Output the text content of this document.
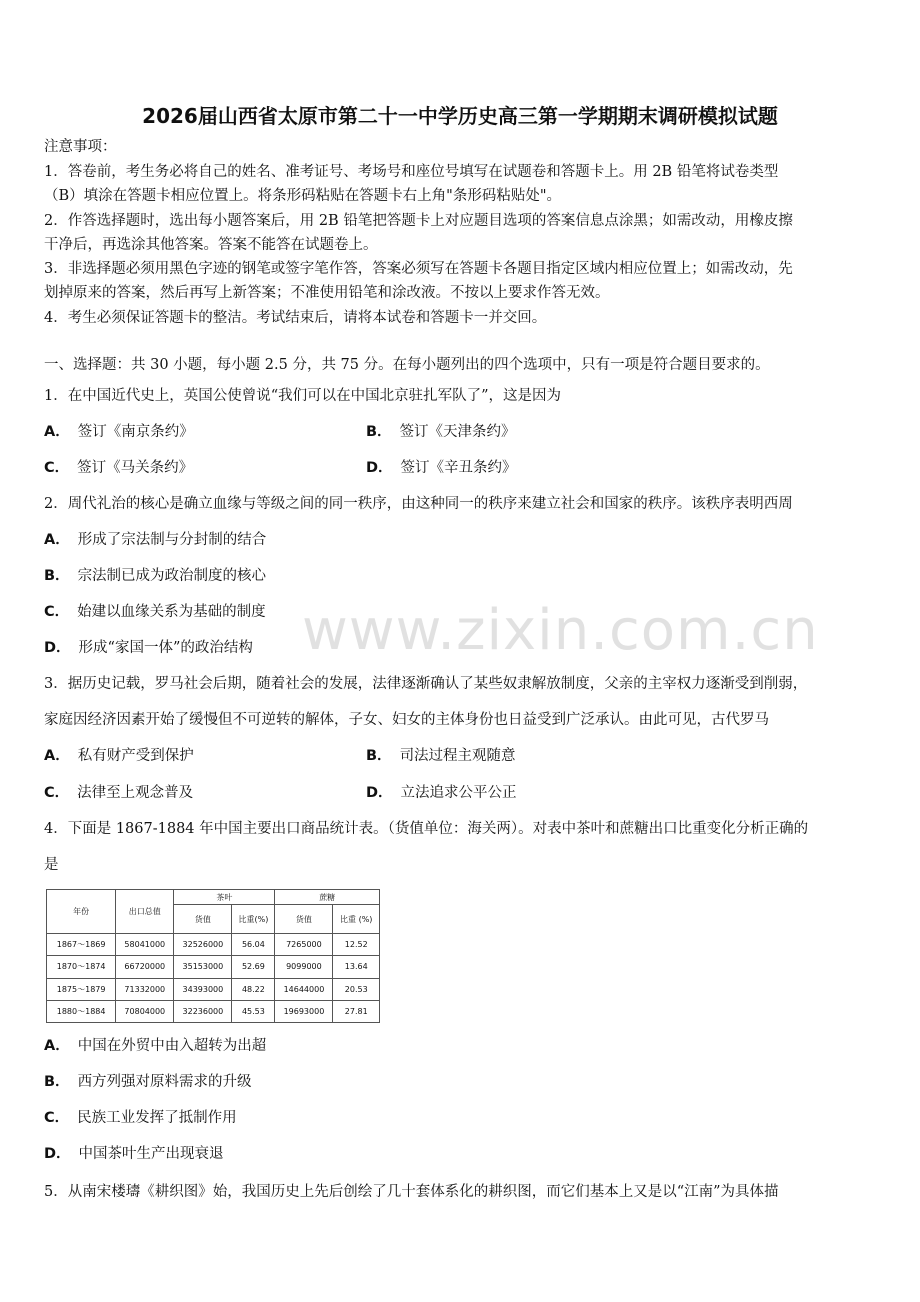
www.zixin.com.cn
2026届山西省太原市第二十一中学历史高三第一学期期末调研模拟试题
注意事项：
1．答卷前，考生务必将自己的姓名、准考证号、考场号和座位号填写在试题卷和答题卡上。用 2B 铅笔将试卷类型
（B）填涂在答题卡相应位置上。将条形码粘贴在答题卡右上角"条形码粘贴处"。
2．作答选择题时，选出每小题答案后，用 2B 铅笔把答题卡上对应题目选项的答案信息点涂黑；如需改动，用橡皮擦
干净后，再选涂其他答案。答案不能答在试题卷上。
3．非选择题必须用黑色字迹的钢笔或签字笔作答，答案必须写在答题卡各题目指定区域内相应位置上；如需改动，先
划掉原来的答案，然后再写上新答案；不准使用铅笔和涂改液。不按以上要求作答无效。
4．考生必须保证答题卡的整洁。考试结束后，请将本试卷和答题卡一并交回。
一、选择题：共 30 小题，每小题 2.5 分，共 75 分。在每小题列出的四个选项中，只有一项是符合题目要求的。
1．在中国近代史上，英国公使曾说“我们可以在中国北京驻扎军队了”，这是因为
A． 签订《南京条约》	B． 签订《天津条约》
C． 签订《马关条约》	D． 签订《辛丑条约》
2．周代礼治的核心是确立血缘与等级之间的同一秩序，由这种同一的秩序来建立社会和国家的秩序。该秩序表明西周
A． 形成了宗法制与分封制的结合
B． 宗法制已成为政治制度的核心
C． 始建以血缘关系为基础的制度
D． 形成“家国一体”的政治结构
3．据历史记载，罗马社会后期，随着社会的发展，法律逐渐确认了某些奴隶解放制度，父亲的主宰权力逐渐受到削弱，
家庭因经济因素开始了缓慢但不可逆转的解体，子女、妇女的主体身份也日益受到广泛承认。由此可见，古代罗马
A． 私有财产受到保护	B． 司法过程主观随意
C． 法律至上观念普及	D． 立法追求公平公正
4．下面是 1867-1884 年中国主要出口商品统计表。（货值单位：海关两）。对表中茶叶和蔗糖出口比重变化分析正确的
是
年份	出口总值	茶叶		蔗糖	
		货值	比重(%)	货值	比重 (%)
1867～1869	58041000	32526000	56.04	7265000	12.52
1870～1874	66720000	35153000	52.69	9099000	13.64
1875～1879	71332000	34393000	48.22	14644000	20.53
1880～1884	70804000	32236000	45.53	19693000	27.81
A． 中国在外贸中由入超转为出超
B． 西方列强对原料需求的升级
C． 民族工业发挥了抵制作用
D． 中国茶叶生产出现衰退
5．从南宋楼璹《耕织图》始，我国历史上先后创绘了几十套体系化的耕织图，而它们基本上又是以“江南”为具体描
